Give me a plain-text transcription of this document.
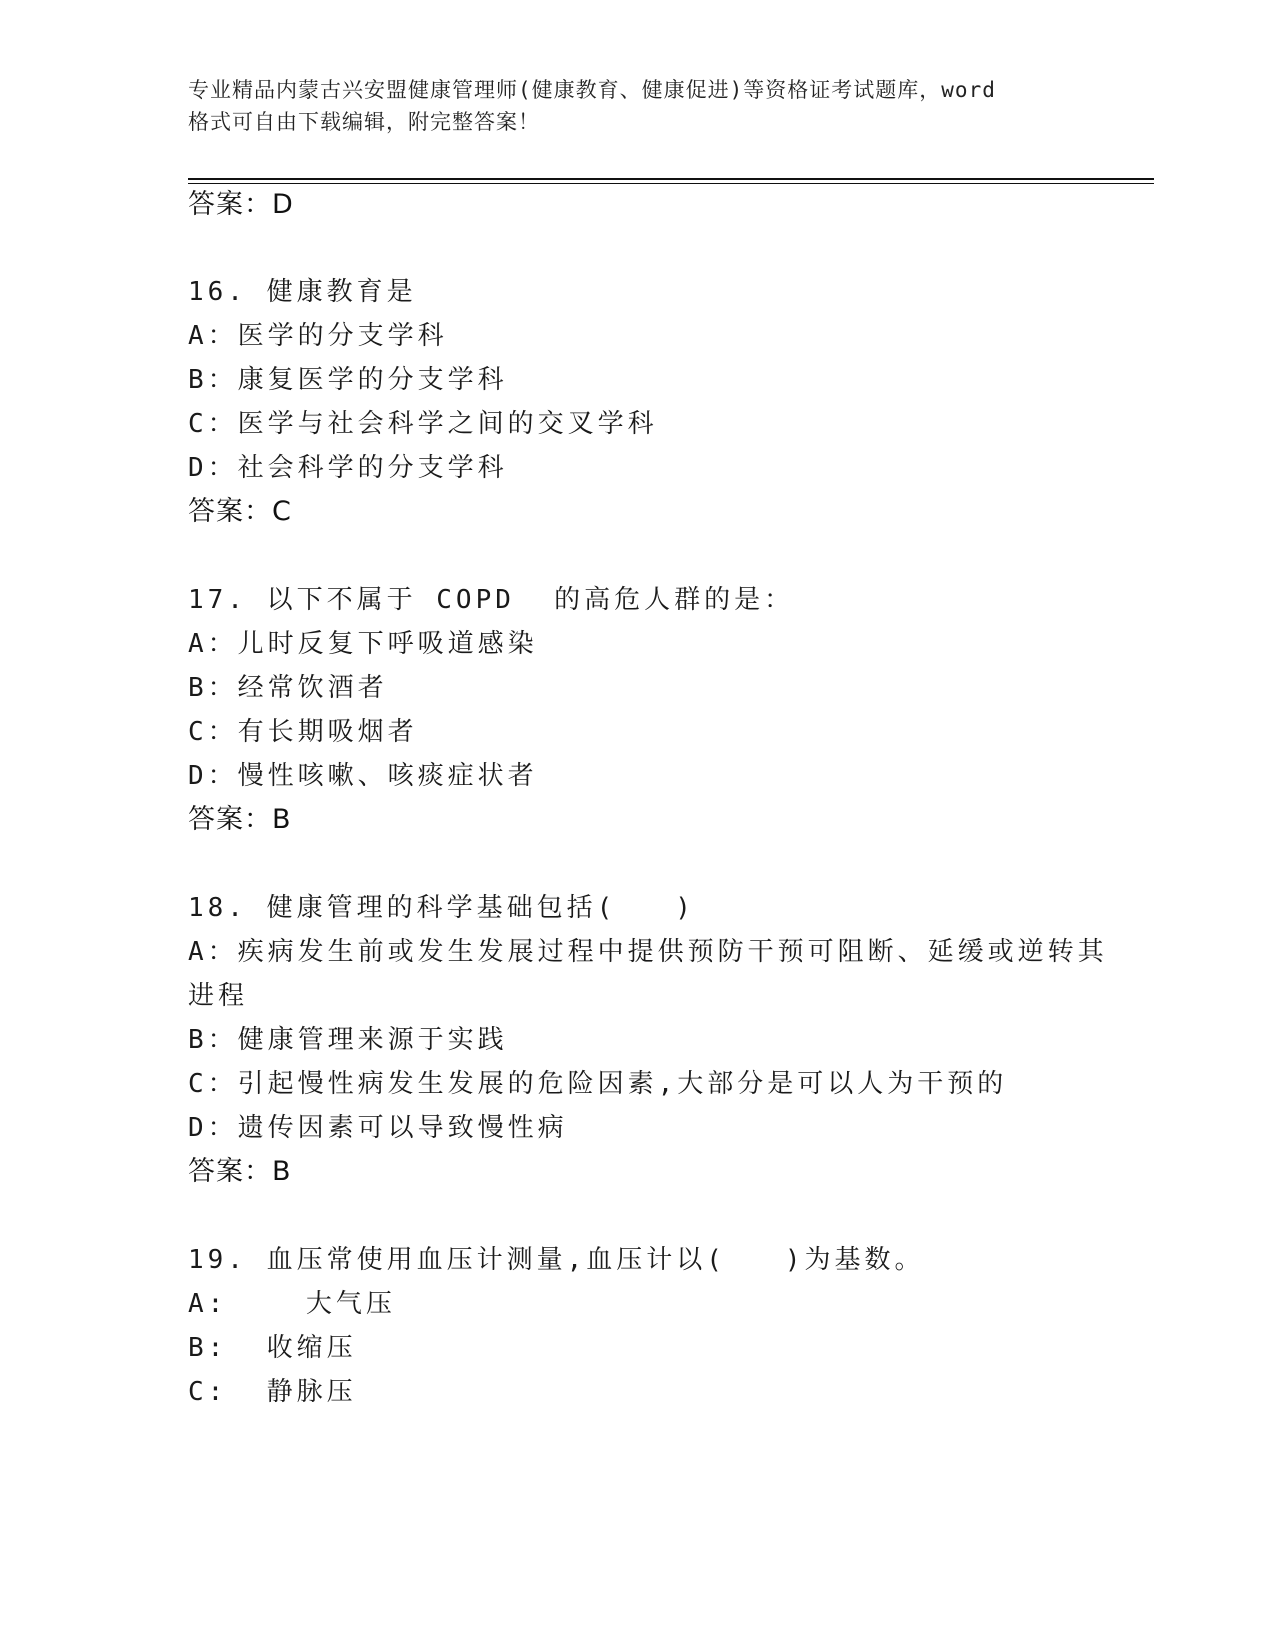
专业精品内蒙古兴安盟健康管理师(健康教育、健康促进)等资格证考试题库，word
格式可自由下载编辑，附完整答案！
答案：D
16. 健康教育是
A：医学的分支学科
B：康复医学的分支学科
C：医学与社会科学之间的交叉学科
D：社会科学的分支学科
答案：C
17. 以下不属于 COPD  的高危人群的是：
A：儿时反复下呼吸道感染
B：经常饮酒者
C：有长期吸烟者
D：慢性咳嗽、咳痰症状者
答案：B
18. 健康管理的科学基础包括(   )
A：疾病发生前或发生发展过程中提供预防干预可阻断、延缓或逆转其
进程
B：健康管理来源于实践
C：引起慢性病发生发展的危险因素,大部分是可以人为干预的
D：遗传因素可以导致慢性病
答案：B
19. 血压常使用血压计测量,血压计以(   )为基数。
A:    大气压
B:  收缩压
C:  静脉压
